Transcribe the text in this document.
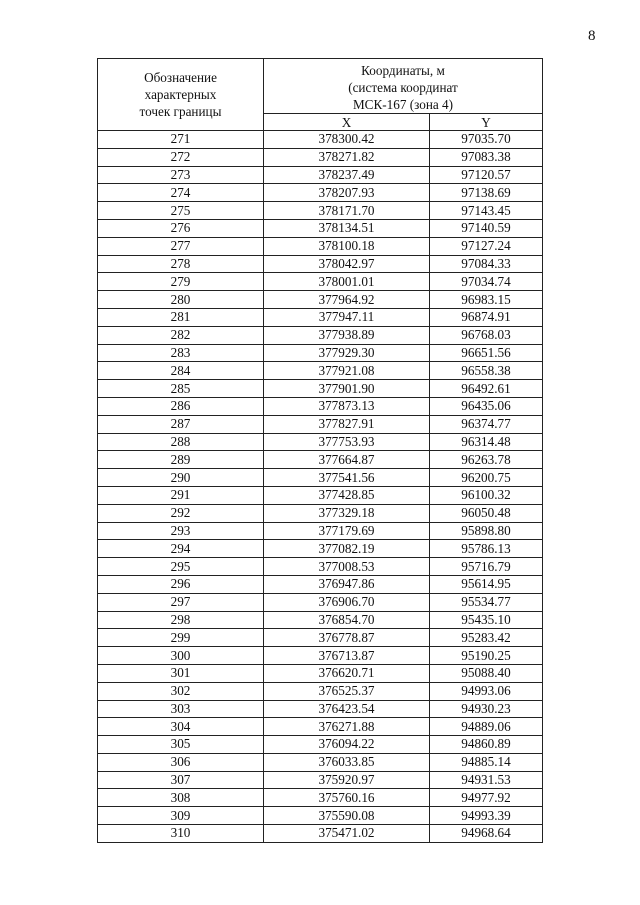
8
Обозначение
характерных
точек границы	Координаты, м
(система координат
МСК-167 (зона 4)	

	X	Y
271	378300.42	97035.70
272	378271.82	97083.38
273	378237.49	97120.57
274	378207.93	97138.69
275	378171.70	97143.45
276	378134.51	97140.59
277	378100.18	97127.24
278	378042.97	97084.33
279	378001.01	97034.74
280	377964.92	96983.15
281	377947.11	96874.91
282	377938.89	96768.03
283	377929.30	96651.56
284	377921.08	96558.38
285	377901.90	96492.61
286	377873.13	96435.06
287	377827.91	96374.77
288	377753.93	96314.48
289	377664.87	96263.78
290	377541.56	96200.75
291	377428.85	96100.32
292	377329.18	96050.48
293	377179.69	95898.80
294	377082.19	95786.13
295	377008.53	95716.79
296	376947.86	95614.95
297	376906.70	95534.77
298	376854.70	95435.10
299	376778.87	95283.42
300	376713.87	95190.25
301	376620.71	95088.40
302	376525.37	94993.06
303	376423.54	94930.23
304	376271.88	94889.06
305	376094.22	94860.89
306	376033.85	94885.14
307	375920.97	94931.53
308	375760.16	94977.92
309	375590.08	94993.39
310	375471.02	94968.64
